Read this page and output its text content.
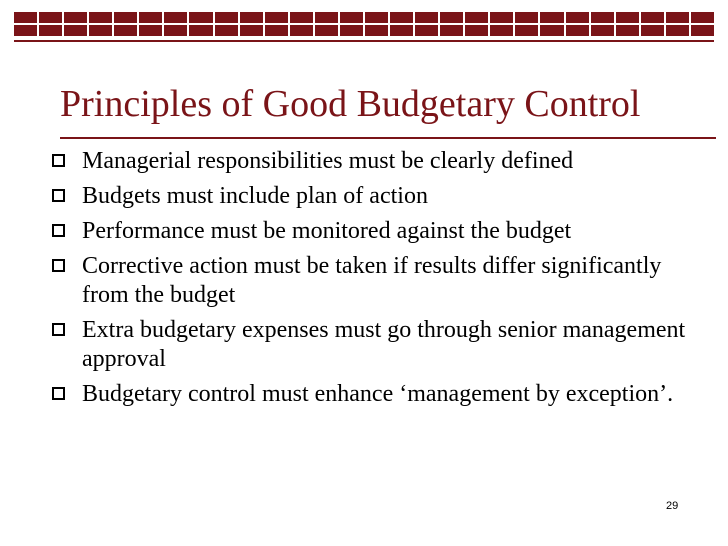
Principles of Good Budgetary Control
Managerial responsibilities must be clearly defined
Budgets must include plan of action
Performance must be monitored against the budget
Corrective action must be taken if results differ significantly from the budget
Extra budgetary expenses must go through senior management approval
Budgetary control must enhance ‘management by exception’.
29
